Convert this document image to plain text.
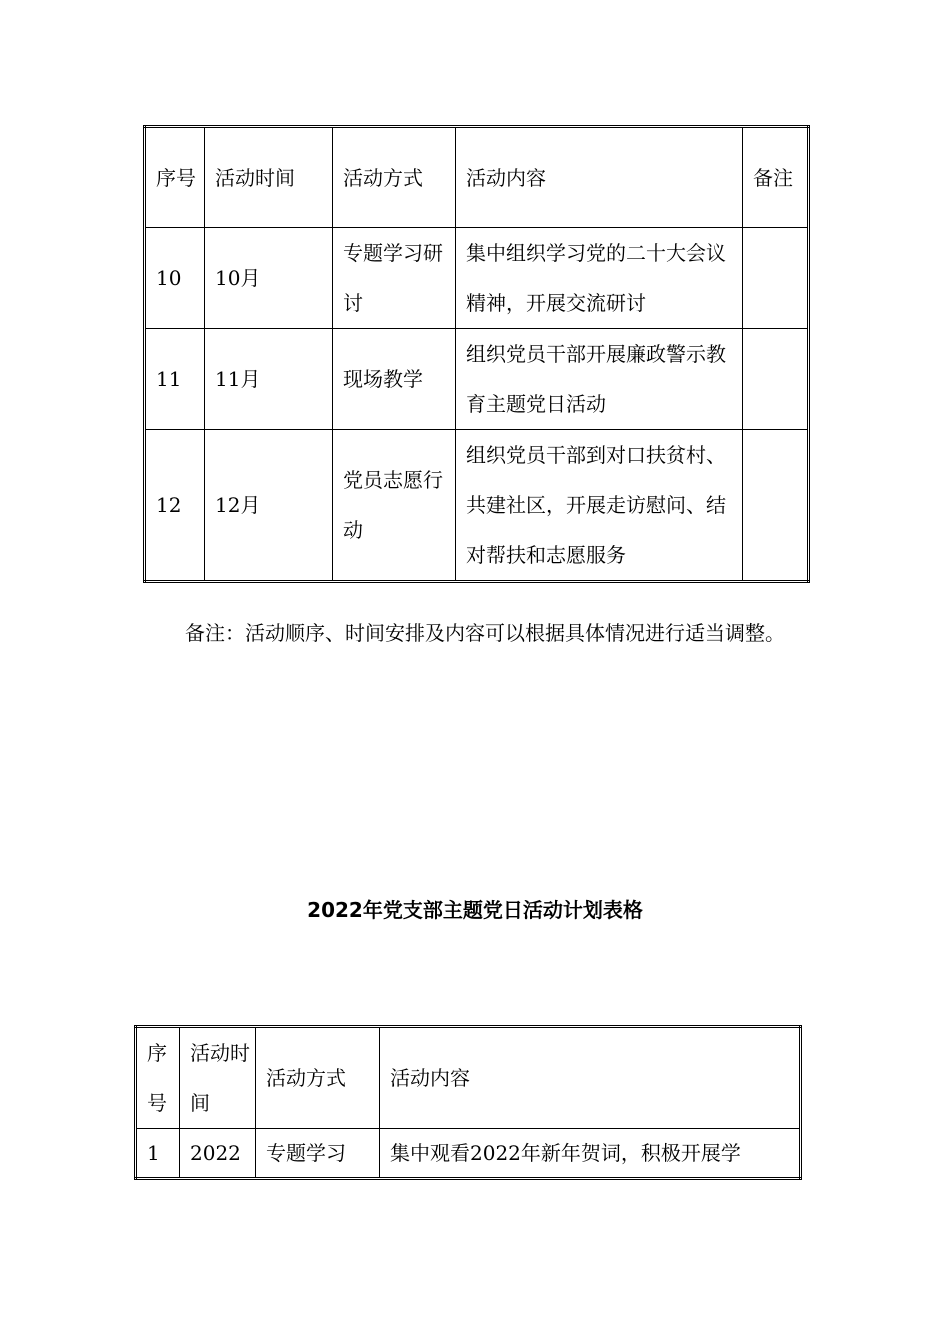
序号	活动时间	活动方式	活动内容	备注
10	10月	专题学习研讨	集中组织学习党的二十大会议精神，开展交流研讨	
11	11月	现场教学	组织党员干部开展廉政警示教育主题党日活动	
12	12月	党员志愿行动	组织党员干部到对口扶贫村、共建社区，开展走访慰问、结对帮扶和志愿服务	
备注：活动顺序、时间安排及内容可以根据具体情况进行适当调整。
2022年党支部主题党日活动计划表格
序号	活动时间	活动方式	活动内容
1	2022	专题学习	集中观看2022年新年贺词，积极开展学
